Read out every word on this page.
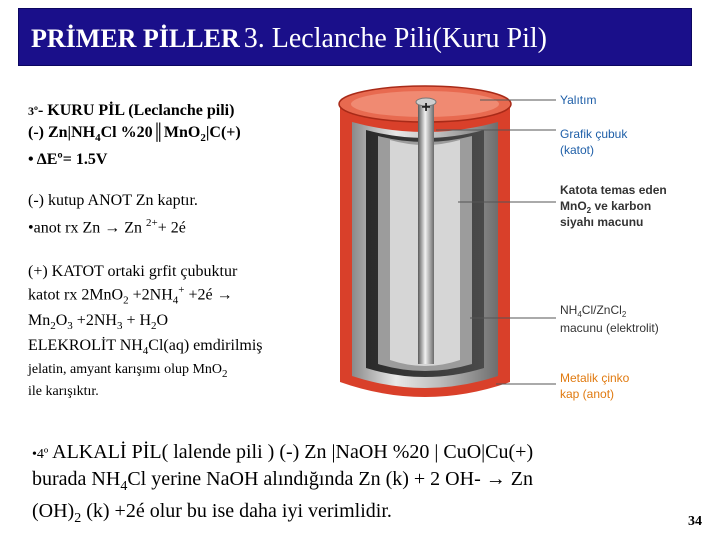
PRİMER PİLLER 3. Leclanche Pili(Kuru Pil)
3º- KURU PİL (Leclanche pili)
(-) $Zn|NH_4Cl$ %20║MnO$_2$|C(+)
• ΔEº= 1.5V
(-) kutup ANOT Zn kaptır.
•anot rx Zn → Zn $^{2+}$+ 2é
(+) KATOT ortaki grfit çubuktur
katot rx $2MnO_2 +2NH_4^+$ +2é →
$Mn_2O_3 +2NH_3 + H_2O$
ELEKROLİT $NH_4Cl(aq)$ emdirilmiş
jelatin, amyant karışımı olup MnO$_2$
ile karışıktır.
+	Yalıtım
Grafik çubuk
(katot)
Katota temas eden
MnO$_2$ ve karbon
siyahı macunu
$NH_4Cl/ZnCl_2$
macunu (elektrolit)
Metalik çinko
kap (anot)
•4º ALKALİ PİL( lalende pili ) (-) Zn |NaOH %20 | CuO|Cu(+)
burada $NH_4Cl$ yerine NaOH alındığında Zn (k) + 2 OH- → Zn
$(OH)_2$ (k) +2é olur bu ise daha iyi verimlidir.	34
